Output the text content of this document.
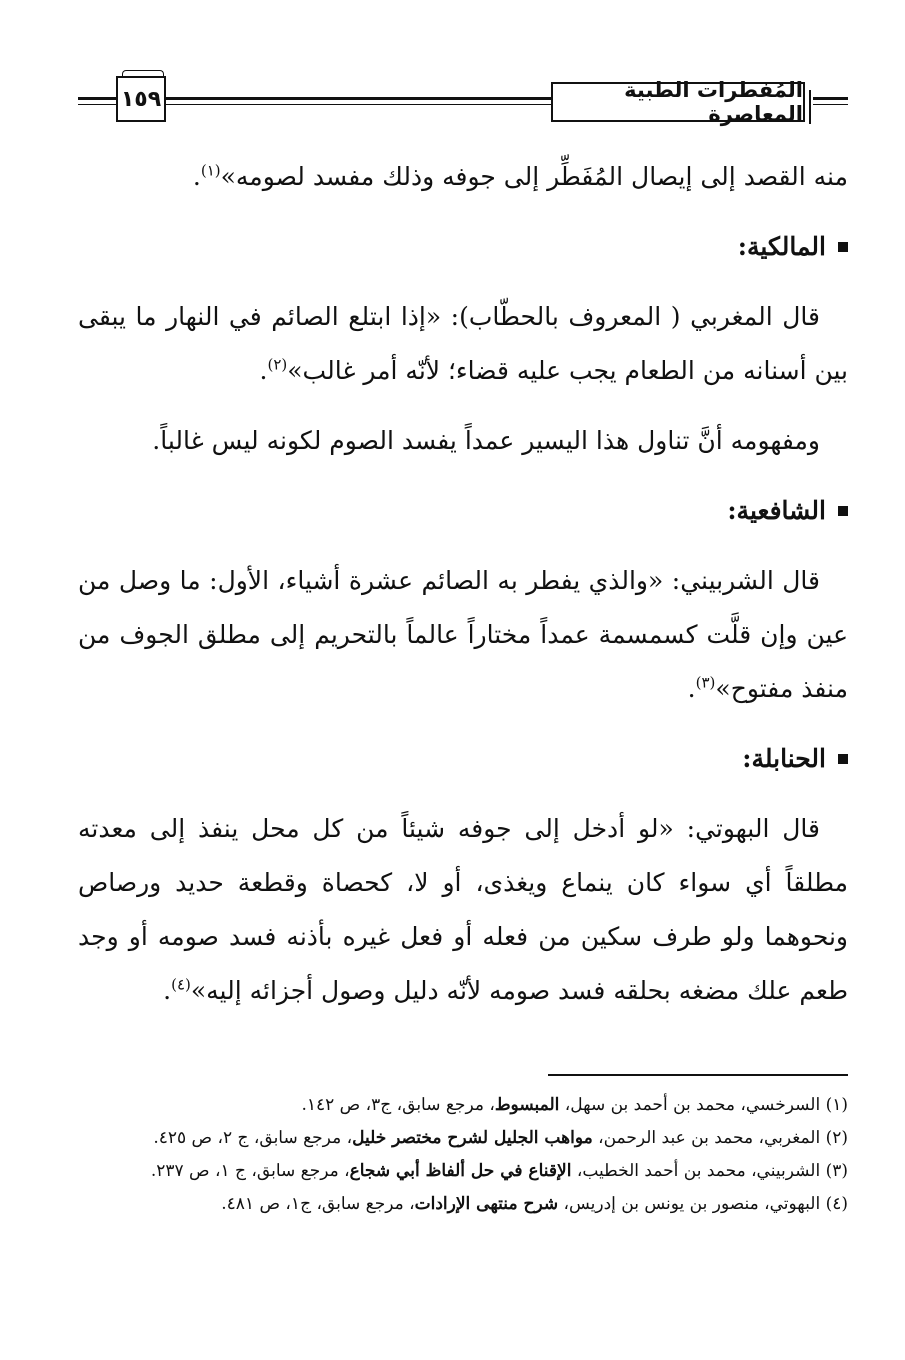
١٥٩	المُفطرات الطبية المعاصرة

منه القصد إلى إيصال المُفَطِّر إلى جوفه وذلك مفسد لصومه»$^{(١)}$.

المالكية:

قال المغربي ( المعروف بالحطّاب): «إذا ابتلع الصائم في النهار ما يبقى بين أسنانه من الطعام يجب عليه قضاء؛ لأنّه أمر غالب»$^{(٢)}$.

ومفهومه أنَّ تناول هذا اليسير عمداً يفسد الصوم لكونه ليس غالباً.

الشافعية:

قال الشربيني: «والذي يفطر به الصائم عشرة أشياء، الأول: ما وصل من عين وإن قلَّت كسمسمة عمداً مختاراً عالماً بالتحريم إلى مطلق الجوف من منفذ مفتوح»$^{(٣)}$.

الحنابلة:

قال البهوتي: «لو أدخل إلى جوفه شيئاً من كل محل ينفذ إلى معدته مطلقاً أي سواء كان ينماع ويغذى، أو لا، كحصاة وقطعة حديد ورصاص ونحوهما ولو طرف سكين من فعله أو فعل غيره بأذنه فسد صومه أو وجد طعم علك مضغه بحلقه فسد صومه لأنّه دليل وصول أجزائه إليه»$^{(٤)}$.

(١) السرخسي، محمد بن أحمد بن سهل، المبسوط، مرجع سابق، ج٣، ص ١٤٢.

(٢) المغربي، محمد بن عبد الرحمن، مواهب الجليل لشرح مختصر خليل، مرجع سابق، ج ٢، ص ٤٢٥.

(٣) الشربيني، محمد بن أحمد الخطيب، الإقناع في حل ألفاظ أبي شجاع، مرجع سابق، ج ١، ص ٢٣٧.

(٤) البهوتي، منصور بن يونس بن إدريس، شرح منتهى الإرادات، مرجع سابق، ج١، ص ٤٨١.
